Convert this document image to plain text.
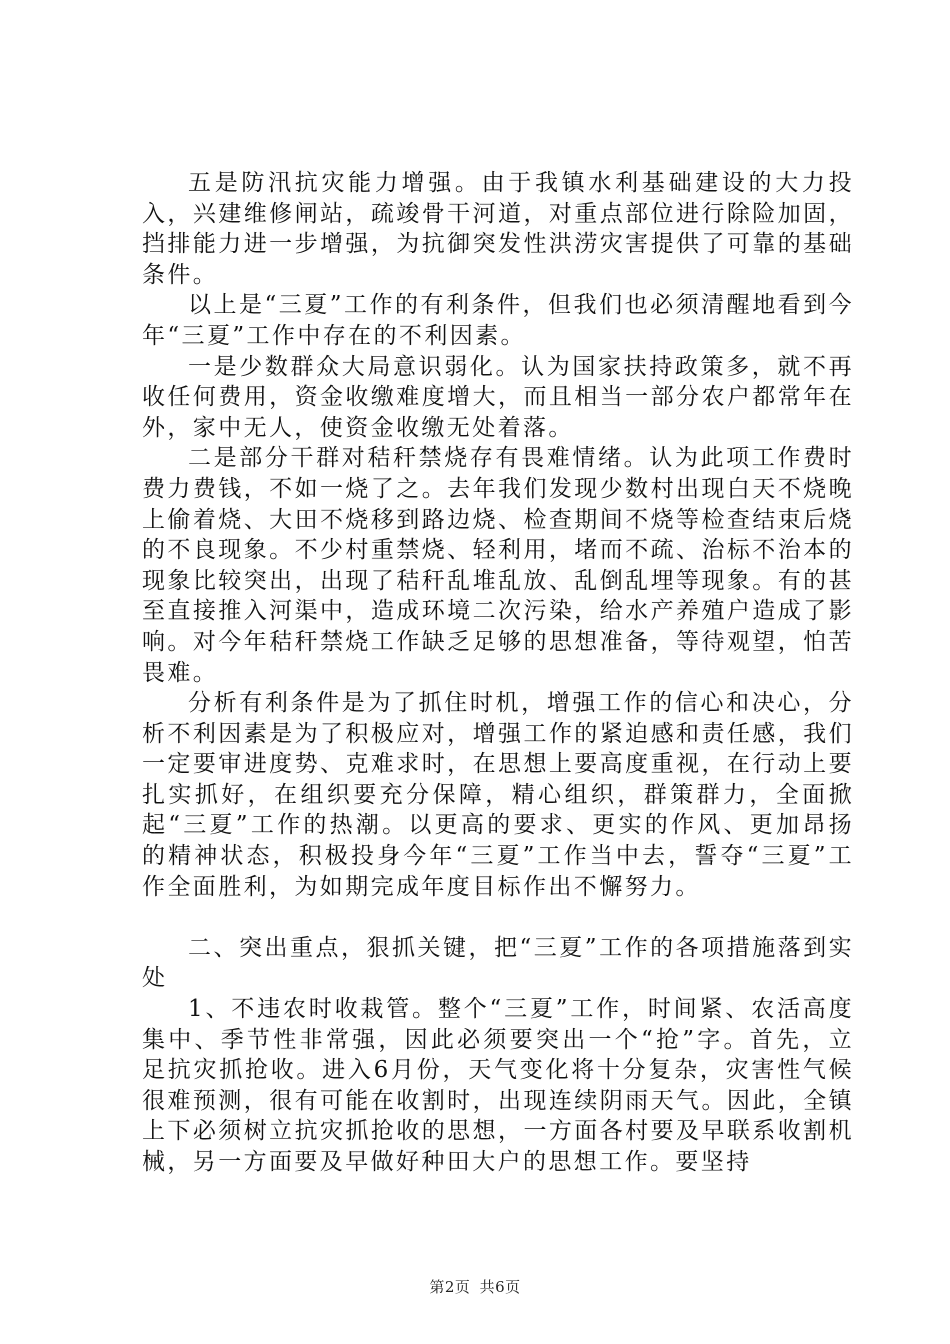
五是防汛抗灾能力增强。由于我镇水利基础建设的大力投入，兴建维修闸站，疏竣骨干河道，对重点部位进行除险加固，挡排能力进一步增强，为抗御突发性洪涝灾害提供了可靠的基础条件。

以上是“三夏”工作的有利条件，但我们也必须清醒地看到今年“三夏”工作中存在的不利因素。

一是少数群众大局意识弱化。认为国家扶持政策多，就不再收任何费用，资金收缴难度增大，而且相当一部分农户都常年在外，家中无人，使资金收缴无处着落。

二是部分干群对秸秆禁烧存有畏难情绪。认为此项工作费时费力费钱，不如一烧了之。去年我们发现少数村出现白天不烧晚上偷着烧、大田不烧移到路边烧、检查期间不烧等检查结束后烧的不良现象。不少村重禁烧、轻利用，堵而不疏、治标不治本的现象比较突出，出现了秸秆乱堆乱放、乱倒乱埋等现象。有的甚至直接推入河渠中，造成环境二次污染，给水产养殖户造成了影响。对今年秸秆禁烧工作缺乏足够的思想准备，等待观望，怕苦畏难。

分析有利条件是为了抓住时机，增强工作的信心和决心，分析不利因素是为了积极应对，增强工作的紧迫感和责任感，我们一定要审进度势、克难求时，在思想上要高度重视，在行动上要扎实抓好，在组织要充分保障，精心组织，群策群力，全面掀起“三夏”工作的热潮。以更高的要求、更实的作风、更加昂扬的精神状态，积极投身今年“三夏”工作当中去，誓夺“三夏”工作全面胜利，为如期完成年度目标作出不懈努力。

二、突出重点，狠抓关键，把“三夏”工作的各项措施落到实处

1、不违农时收栽管。整个“三夏”工作，时间紧、农活高度集中、季节性非常强，因此必须要突出一个“抢”字。首先，立足抗灾抓抢收。进入6月份，天气变化将十分复杂，灾害性气候很难预测，很有可能在收割时，出现连续阴雨天气。因此，全镇上下必须树立抗灾抓抢收的思想，一方面各村要及早联系收割机械，另一方面要及早做好种田大户的思想工作。要坚持

第2页 共6页
